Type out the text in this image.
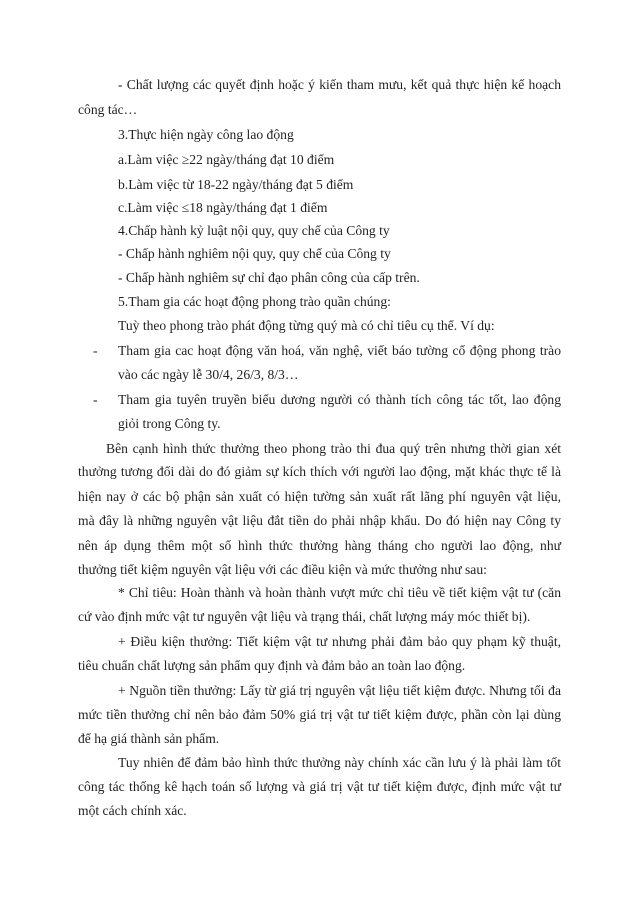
- Chất lượng các quyết định hoặc ý kiến tham mưu, kết quả thực hiện kế hoạch
công tác…
3.Thực hiện ngày công lao động
a.Làm việc ≥22 ngày/tháng đạt 10 điểm
b.Làm việc từ 18-22 ngày/tháng đạt 5 điểm
c.Làm việc ≤18 ngày/tháng đạt 1 điểm
4.Chấp hành kỷ luật nội quy, quy chế của Công ty
- Chấp hành nghiêm nội quy, quy chế của Công ty
- Chấp hành nghiêm sự chỉ đạo phân công của cấp trên.
5.Tham gia các hoạt động phong trào quần chúng:
Tuỳ theo phong trào phát động từng quý mà có chỉ tiêu cụ thể. Ví dụ:
- Tham gia cac hoạt động văn hoá, văn nghệ, viết báo tường cổ động phong trào
vào các ngày lễ 30/4, 26/3, 8/3…
- Tham gia tuyên truyền biểu dương người có thành tích công tác tốt, lao động
giỏi trong Công ty.
Bên cạnh hình thức thưởng theo phong trào thi đua quý trên nhưng thời gian xét
thưởng tương đối dài do đó giảm sự kích thích với người lao động, mặt khác thực tế là
hiện nay ở các bộ phận sản xuất có hiện tường sản xuất rất lãng phí nguyên vật liệu,
mà đây là những nguyên vật liệu đắt tiền do phải nhập khẩu. Do đó hiện nay Công ty
nên áp dụng thêm một số hình thức thưởng hàng tháng cho người lao động, như
thưởng tiết kiệm nguyên vật liệu với các điều kiện và mức thưởng như sau:
* Chỉ tiêu: Hoàn thành và hoàn thành vượt mức chỉ tiêu về tiết kiệm vật tư (căn
cứ vào định mức vật tư nguyên vật liệu và trạng thái, chất lượng máy móc thiết bị).
+ Điều kiện thưởng: Tiết kiệm vật tư nhưng phải đảm bảo quy phạm kỹ thuật,
tiêu chuẩn chất lượng sản phẩm quy định và đảm bảo an toàn lao động.
+ Nguồn tiền thưởng: Lấy từ giá trị nguyên vật liệu tiết kiệm được. Nhưng tối đa
mức tiền thưởng chỉ nên bảo đảm 50% giá trị vật tư tiết kiệm được, phần còn lại dùng
để hạ giá thành sản phẩm.
Tuy nhiên để đảm bảo hình thức thưởng này chính xác cần lưu ý là phải làm tốt
công tác thống kê hạch toán số lượng và giá trị vật tư tiết kiệm được, định mức vật tư
một cách chính xác.
